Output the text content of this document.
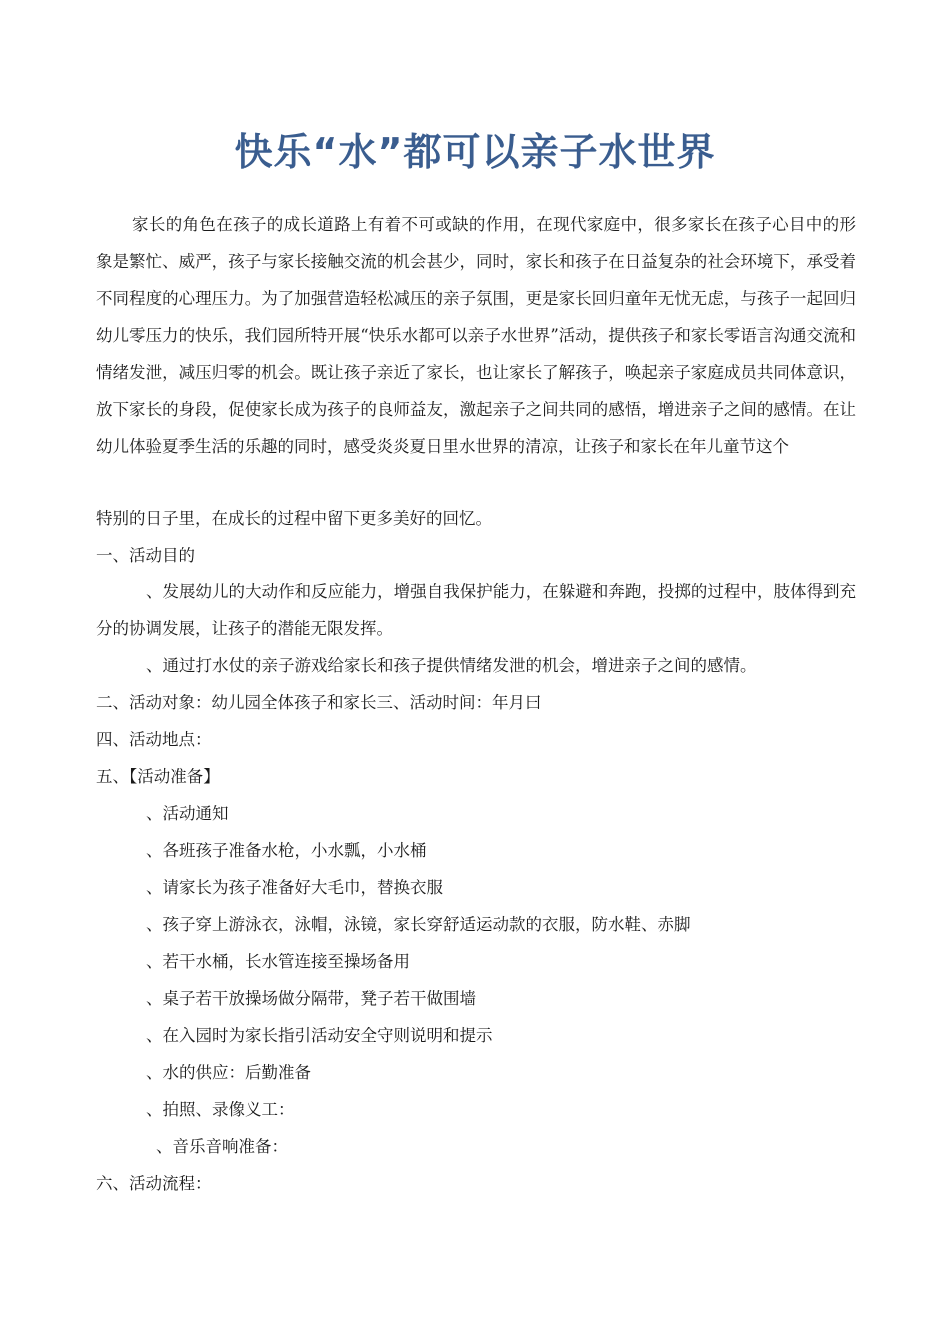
快乐“水”都可以亲子水世界
家长的角色在孩子的成长道路上有着不可或缺的作用，在现代家庭中，很多家长在孩子心目中的形象是繁忙、威严，孩子与家长接触交流的机会甚少，同时，家长和孩子在日益复杂的社会环境下，承受着不同程度的心理压力。为了加强营造轻松减压的亲子氛围，更是家长回归童年无忧无虑，与孩子一起回归幼儿零压力的快乐，我们园所特开展“快乐水都可以亲子水世界”活动，提供孩子和家长零语言沟通交流和情绪发泄，减压归零的机会。既让孩子亲近了家长，也让家长了解孩子，唤起亲子家庭成员共同体意识，放下家长的身段，促使家长成为孩子的良师益友，激起亲子之间共同的感悟，增进亲子之间的感情。在让幼儿体验夏季生活的乐趣的同时，感受炎炎夏日里水世界的清凉，让孩子和家长在年儿童节这个
特别的日子里，在成长的过程中留下更多美好的回忆。
一、活动目的
、发展幼儿的大动作和反应能力，增强自我保护能力，在躲避和奔跑，投掷的过程中，肢体得到充分的协调发展，让孩子的潜能无限发挥。
、通过打水仗的亲子游戏给家长和孩子提供情绪发泄的机会，增进亲子之间的感情。
二、活动对象：幼儿园全体孩子和家长三、活动时间：年月曰
四、活动地点：
五、【活动准备】
、活动通知
、各班孩子准备水枪，小水瓢，小水桶
、请家长为孩子准备好大毛巾，替换衣服
、孩子穿上游泳衣，泳帽，泳镜，家长穿舒适运动款的衣服，防水鞋、赤脚
、若干水桶，长水管连接至操场备用
、桌子若干放操场做分隔带，凳子若干做围墙
、在入园时为家长指引活动安全守则说明和提示
、水的供应：后勤准备
、拍照、录像义工：
、音乐音响准备：
六、活动流程：
